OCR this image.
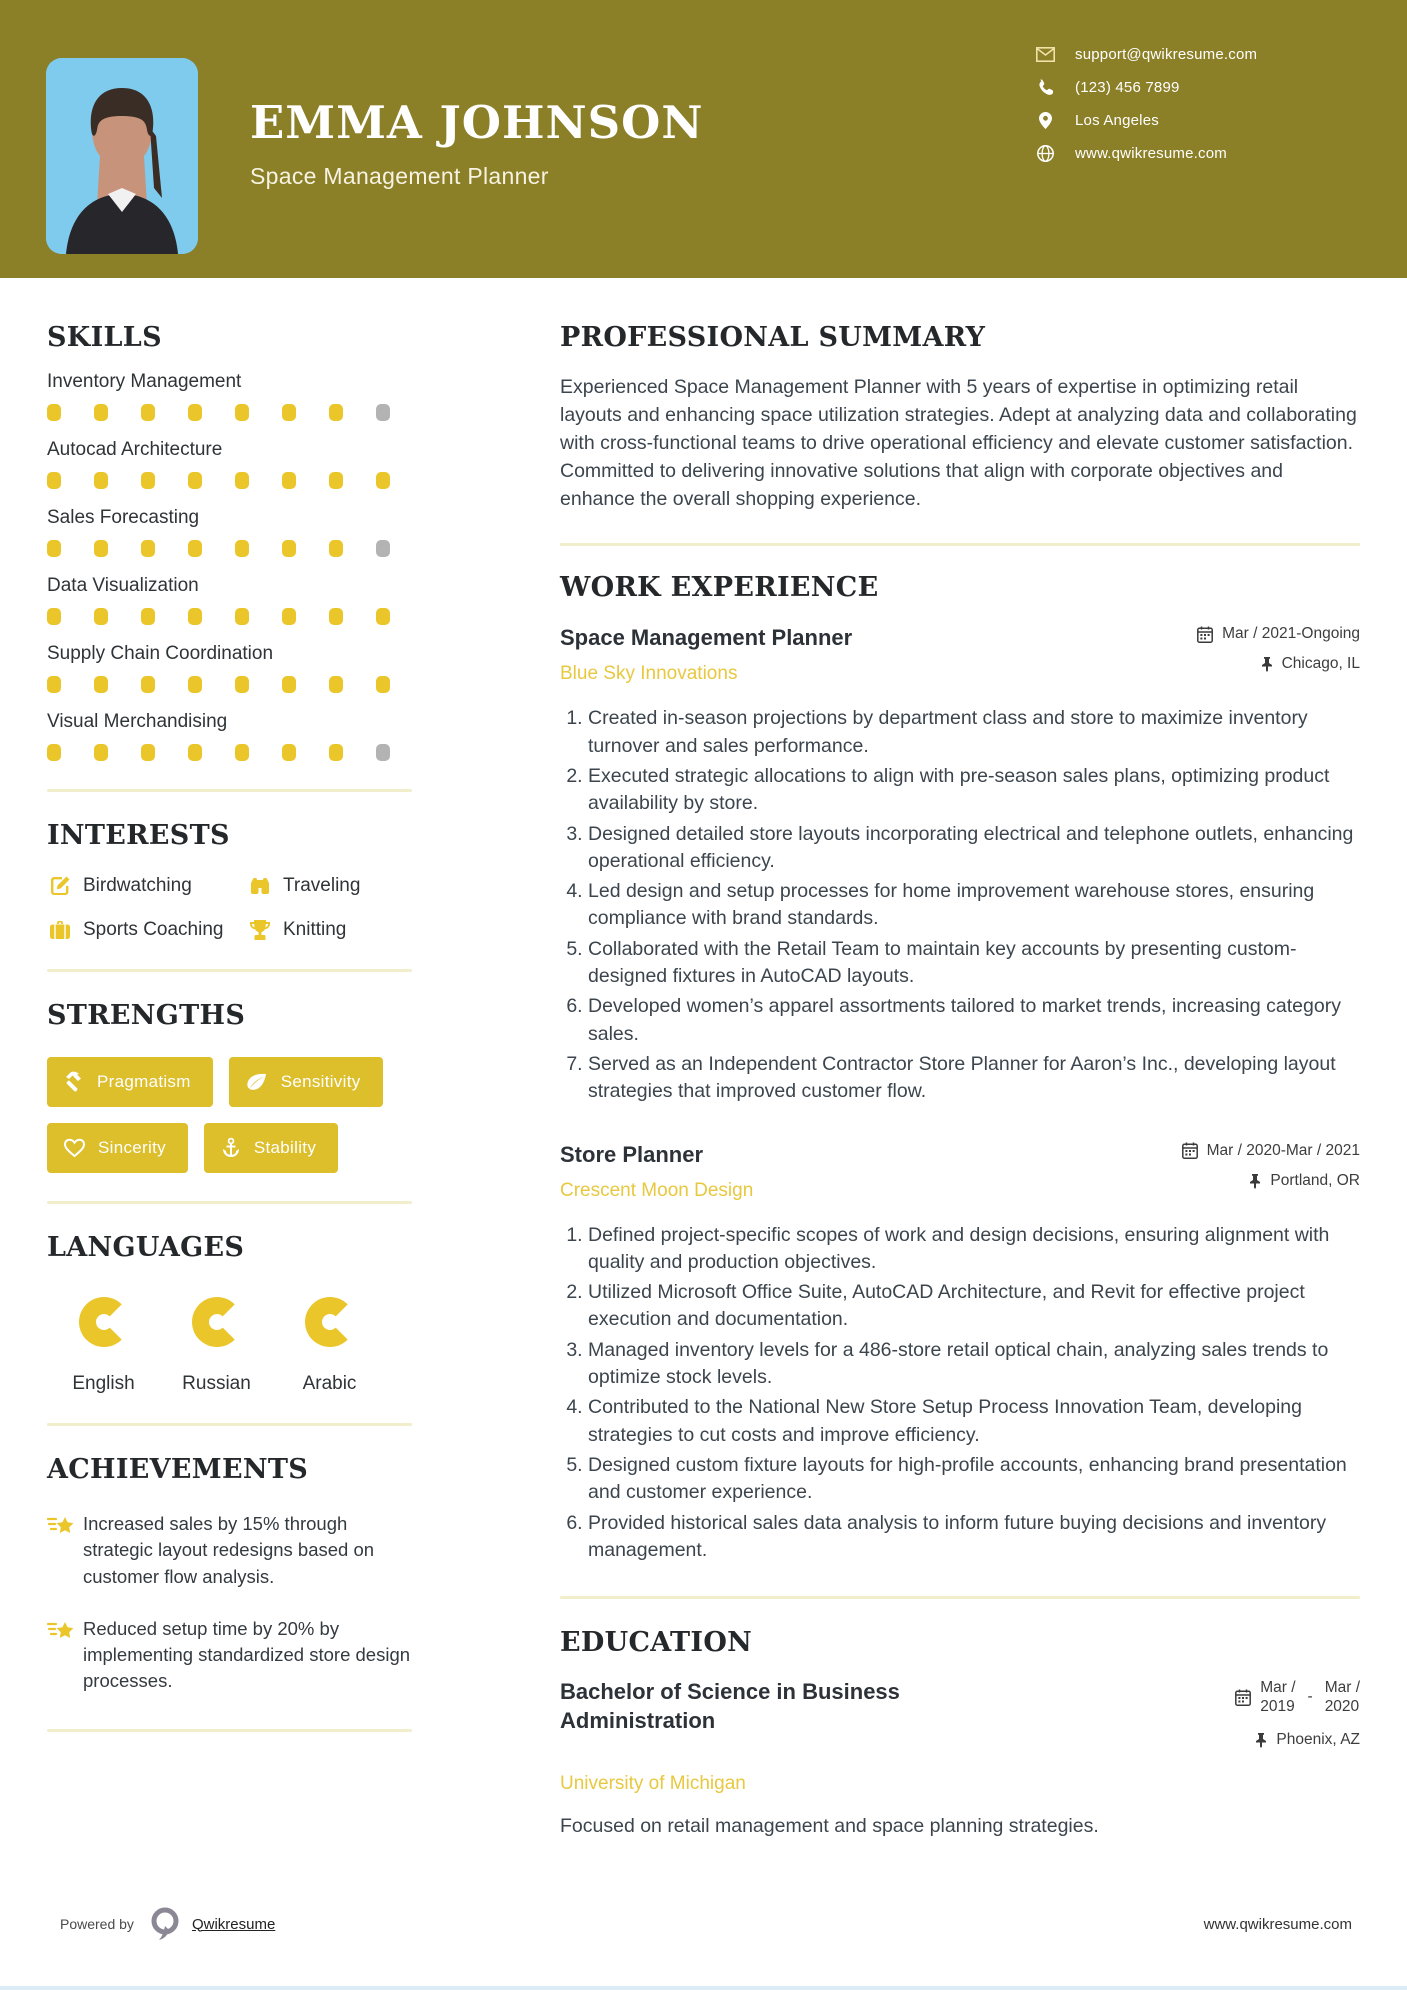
EMMA JOHNSON
Space Management Planner
support@qwikresume.com
(123) 456 7899
Los Angeles
www.qwikresume.com
SKILLS
Inventory Management
Autocad Architecture
Sales Forecasting
Data Visualization
Supply Chain Coordination
Visual Merchandising
INTERESTS
Birdwatching	Traveling
Sports Coaching	Knitting
STRENGTHS
Pragmatism	Sensitivity
Sincerity	Stability
LANGUAGES
English	Russian	Arabic
ACHIEVEMENTS
Increased sales by 15% through strategic layout redesigns based on customer flow analysis.
Reduced setup time by 20% by implementing standardized store design processes.
PROFESSIONAL SUMMARY

Experienced Space Management Planner with 5 years of expertise in optimizing retail layouts and enhancing space utilization strategies. Adept at analyzing data and collaborating with cross-functional teams to drive operational efficiency and elevate customer satisfaction. Committed to delivering innovative solutions that align with corporate objectives and enhance the overall shopping experience.

WORK EXPERIENCE
Space Management Planner
Blue Sky Innovations
Mar / 2021-Ongoing
Chicago, IL
1. Created in-season projections by department class and store to maximize inventory turnover and sales performance.
2. Executed strategic allocations to align with pre-season sales plans, optimizing product availability by store.
3. Designed detailed store layouts incorporating electrical and telephone outlets, enhancing operational efficiency.
4. Led design and setup processes for home improvement warehouse stores, ensuring compliance with brand standards.
5. Collaborated with the Retail Team to maintain key accounts by presenting custom-designed fixtures in AutoCAD layouts.
6. Developed women’s apparel assortments tailored to market trends, increasing category sales.
7. Served as an Independent Contractor Store Planner for Aaron’s Inc., developing layout strategies that improved customer flow.
Store Planner
Crescent Moon Design
Mar / 2020-Mar / 2021
Portland, OR
1. Defined project-specific scopes of work and design decisions, ensuring alignment with quality and production objectives.
2. Utilized Microsoft Office Suite, AutoCAD Architecture, and Revit for effective project execution and documentation.
3. Managed inventory levels for a 486-store retail optical chain, analyzing sales trends to optimize stock levels.
4. Contributed to the National New Store Setup Process Innovation Team, developing strategies to cut costs and improve efficiency.
5. Designed custom fixture layouts for high-profile accounts, enhancing brand presentation and customer experience.
6. Provided historical sales data analysis to inform future buying decisions and inventory management.
EDUCATION
Bachelor of Science in Business Administration
Mar /
2019
-
Mar /
2020
Phoenix, AZ
University of Michigan

Focused on retail management and space planning strategies.

Powered by	Qwikresume	www.qwikresume.com
